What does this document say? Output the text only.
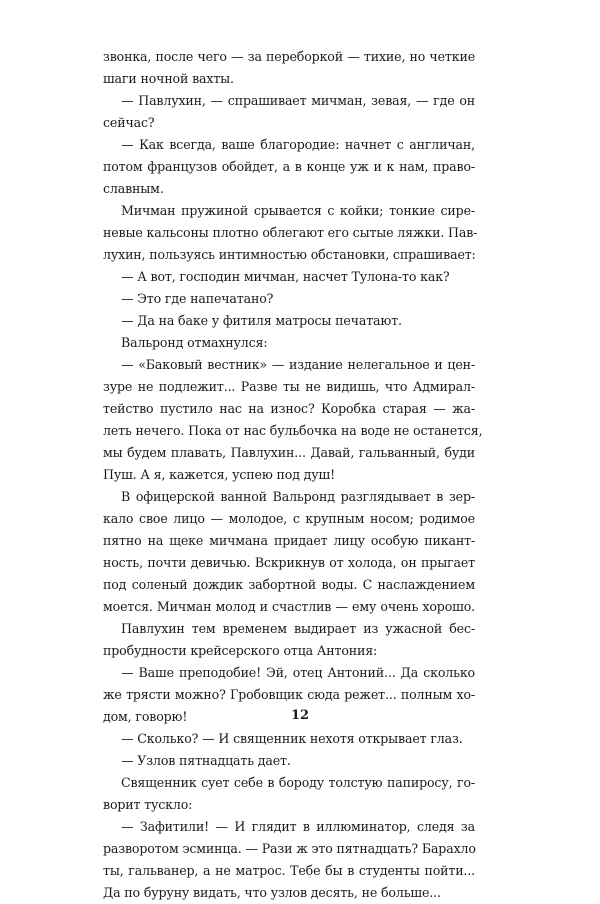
звонка, после чего — за переборкой — тихие, но четкие
шаги ночной вахты.
— Павлухин, — спрашивает мичман, зевая, — где он
сейчас?
— Как всегда, ваше благородие: начнет с англичан,
потом французов обойдет, а в конце уж и к нам, право-
славным.
Мичман пружиной срывается с койки; тонкие сире-
невые кальсоны плотно облегают его сытые ляжки. Пав-
лухин, пользуясь интимностью обстановки, спрашивает:
— А вот, господин мичман, насчет Тулона-то как?
— Это где напечатано?
— Да на баке у фитиля матросы печатают.
Вальронд отмахнулся:
— «Баковый вестник» — издание нелегальное и цен-
зуре не подлежит... Разве ты не видишь, что Адмирал-
тейство пустило нас на износ? Коробка старая — жа-
леть нечего. Пока от нас бульбочка на воде не останется,
мы будем плавать, Павлухин... Давай, гальванный, буди
Пуш. А я, кажется, успею под душ!
В офицерской ванной Вальронд разглядывает в зер-
кало свое лицо — молодое, с крупным носом; родимое
пятно на щеке мичмана придает лицу особую пикант-
ность, почти девичью. Вскрикнув от холода, он прыгает
под соленый дождик забортной воды. С наслаждением
моется. Мичман молод и счастлив — ему очень хорошо.
Павлухин тем временем выдирает из ужасной бес-
пробудности крейсерского отца Антония:
— Ваше преподобие! Эй, отец Антоний... Да сколько
же трясти можно? Гробовщик сюда режет... полным хо-
дом, говорю!
— Сколько? — И священник нехотя открывает глаз.
— Узлов пятнадцать дает.
Священник сует себе в бороду толстую папиросу, го-
ворит тускло:
— Зафитили! — И глядит в иллюминатор, следя за
разворотом эсминца. — Рази ж это пятнадцать? Барахло
ты, гальванер, а не матрос. Тебе бы в студенты пойти...
Да по буруну видать, что узлов десять, не больше...
12
